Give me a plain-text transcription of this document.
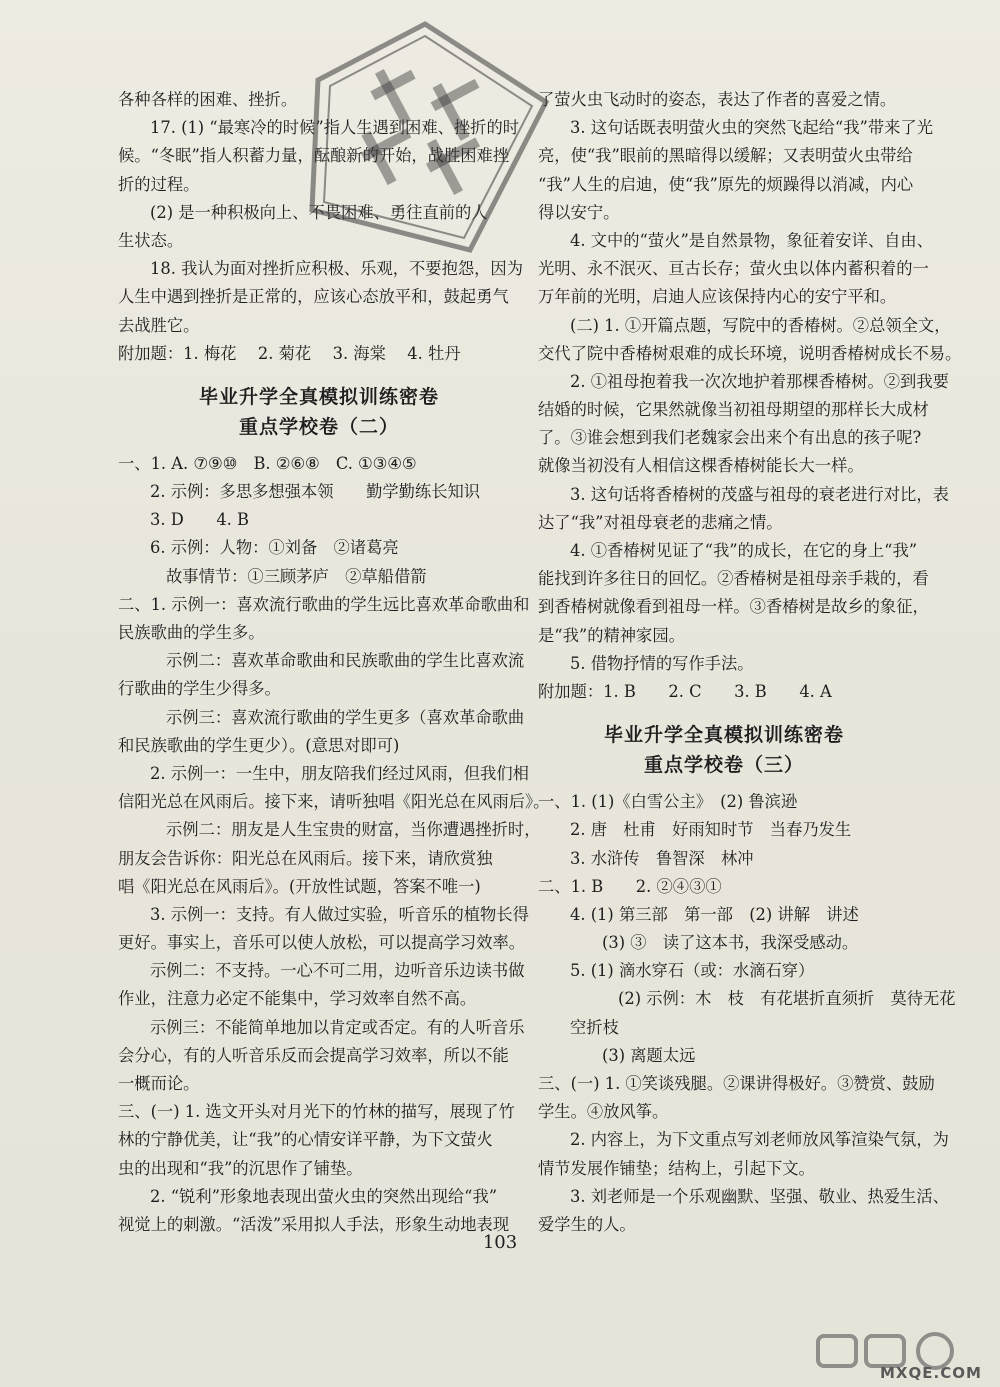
各种各样的困难、挫折。
17. (1) “最寒冷的时候”指人生遇到困难、挫折的时
候。“冬眠”指人积蓄力量，酝酿新的开始，战胜困难挫
折的过程。
(2) 是一种积极向上、不畏困难、勇往直前的人
生状态。
18. 我认为面对挫折应积极、乐观，不要抱怨，因为
人生中遇到挫折是正常的，应该心态放平和，鼓起勇气
去战胜它。
附加题：1. 梅花　 2. 菊花　 3. 海棠　 4. 牡丹
毕业升学全真模拟训练密卷
重点学校卷（二）
一、1. A. ⑦⑨⑩　B. ②⑥⑧　C. ①③④⑤
2. 示例：多思多想强本领　　勤学勤练长知识
3. D　　4. B
6. 示例：人物：①刘备　②诸葛亮
故事情节：①三顾茅庐　②草船借箭
二、1. 示例一：喜欢流行歌曲的学生远比喜欢革命歌曲和
民族歌曲的学生多。
示例二：喜欢革命歌曲和民族歌曲的学生比喜欢流
行歌曲的学生少得多。
示例三：喜欢流行歌曲的学生更多（喜欢革命歌曲
和民族歌曲的学生更少）。(意思对即可)
2. 示例一：一生中，朋友陪我们经过风雨，但我们相
信阳光总在风雨后。接下来，请听独唱《阳光总在风雨后》。
示例二：朋友是人生宝贵的财富，当你遭遇挫折时，
朋友会告诉你：阳光总在风雨后。接下来，请欣赏独
唱《阳光总在风雨后》。(开放性试题，答案不唯一)
3. 示例一：支持。有人做过实验，听音乐的植物长得
更好。事实上，音乐可以使人放松，可以提高学习效率。
示例二：不支持。一心不可二用，边听音乐边读书做
作业，注意力必定不能集中，学习效率自然不高。
示例三：不能简单地加以肯定或否定。有的人听音乐
会分心，有的人听音乐反而会提高学习效率，所以不能
一概而论。
三、(一) 1. 选文开头对月光下的竹林的描写，展现了竹
林的宁静优美，让“我”的心情安详平静，为下文萤火
虫的出现和“我”的沉思作了铺垫。
2. “锐利”形象地表现出萤火虫的突然出现给“我”
视觉上的刺激。“活泼”采用拟人手法，形象生动地表现
了萤火虫飞动时的姿态，表达了作者的喜爱之情。
3. 这句话既表明萤火虫的突然飞起给“我”带来了光
亮，使“我”眼前的黑暗得以缓解；又表明萤火虫带给
“我”人生的启迪，使“我”原先的烦躁得以消减，内心
得以安宁。
4. 文中的“萤火”是自然景物，象征着安详、自由、
光明、永不泯灭、亘古长存；萤火虫以体内蓄积着的一
万年前的光明，启迪人应该保持内心的安宁平和。
(二) 1. ①开篇点题，写院中的香椿树。②总领全文，
交代了院中香椿树艰难的成长环境，说明香椿树成长不易。
2. ①祖母抱着我一次次地护着那棵香椿树。②到我要
结婚的时候，它果然就像当初祖母期望的那样长大成材
了。③谁会想到我们老魏家会出来个有出息的孩子呢?
就像当初没有人相信这棵香椿树能长大一样。
3. 这句话将香椿树的茂盛与祖母的衰老进行对比，表
达了“我”对祖母衰老的悲痛之情。
4. ①香椿树见证了“我”的成长，在它的身上“我”
能找到许多往日的回忆。②香椿树是祖母亲手栽的，看
到香椿树就像看到祖母一样。③香椿树是故乡的象征，
是“我”的精神家园。
5. 借物抒情的写作手法。
附加题：1. B　　2. C　　3. B　　4. A
毕业升学全真模拟训练密卷
重点学校卷（三）
一、1. (1)《白雪公主》　(2) 鲁滨逊
2. 唐　杜甫　好雨知时节　当春乃发生
3. 水浒传　鲁智深　林冲
二、1. B　　2. ②④③①
4. (1) 第三部　第一部　(2) 讲解　讲述
(3) ③　读了这本书，我深受感动。
5. (1) 滴水穿石（或：水滴石穿）
(2) 示例：木　枝　有花堪折直须折　莫待无花
空折枝
(3) 离题太远
三、(一) 1. ①笑谈残腿。②课讲得极好。③赞赏、鼓励
学生。④放风筝。
2. 内容上，为下文重点写刘老师放风筝渲染气氛，为
情节发展作铺垫；结构上，引起下文。
3. 刘老师是一个乐观幽默、坚强、敬业、热爱生活、
爱学生的人。
103
MXQE.COM
